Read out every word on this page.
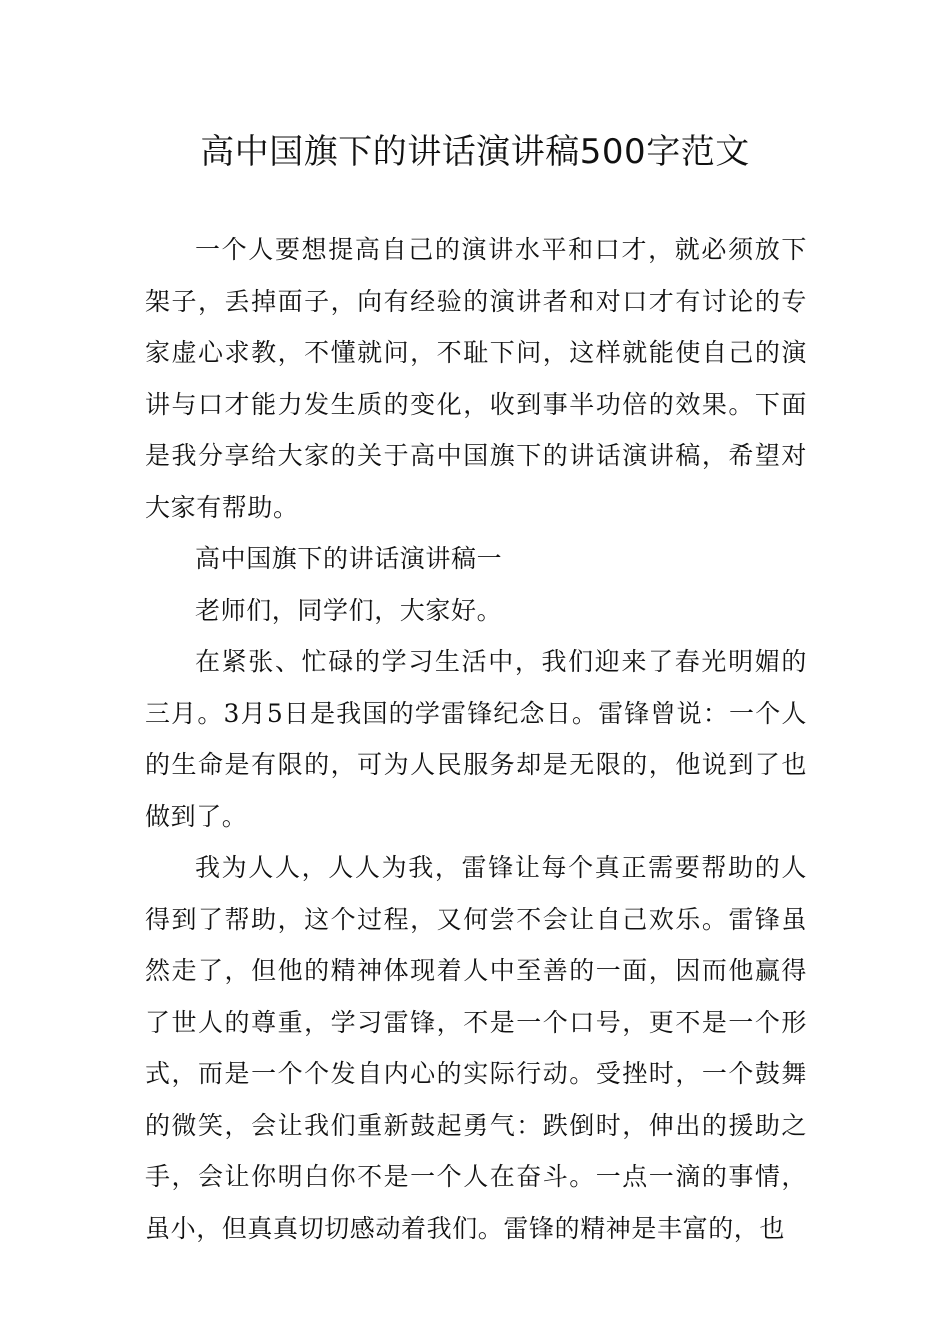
高中国旗下的讲话演讲稿500字范文

一个人要想提高自己的演讲水平和口才，就必须放下架子，丢掉面子，向有经验的演讲者和对口才有讨论的专家虚心求教，不懂就问，不耻下问，这样就能使自己的演讲与口才能力发生质的变化，收到事半功倍的效果。下面是我分享给大家的关于高中国旗下的讲话演讲稿，希望对大家有帮助。

高中国旗下的讲话演讲稿一

老师们，同学们，大家好。

在紧张、忙碌的学习生活中，我们迎来了春光明媚的三月。3月5日是我国的学雷锋纪念日。雷锋曾说：一个人的生命是有限的，可为人民服务却是无限的，他说到了也做到了。

我为人人，人人为我，雷锋让每个真正需要帮助的人得到了帮助，这个过程，又何尝不会让自己欢乐。雷锋虽然走了，但他的精神体现着人中至善的一面，因而他赢得了世人的尊重，学习雷锋，不是一个口号，更不是一个形式，而是一个个发自内心的实际行动。受挫时，一个鼓舞的微笑，会让我们重新鼓起勇气：跌倒时，伸出的援助之手，会让你明白你不是一个人在奋斗。一点一滴的事情，虽小，但真真切切感动着我们。雷锋的精神是丰富的，也
